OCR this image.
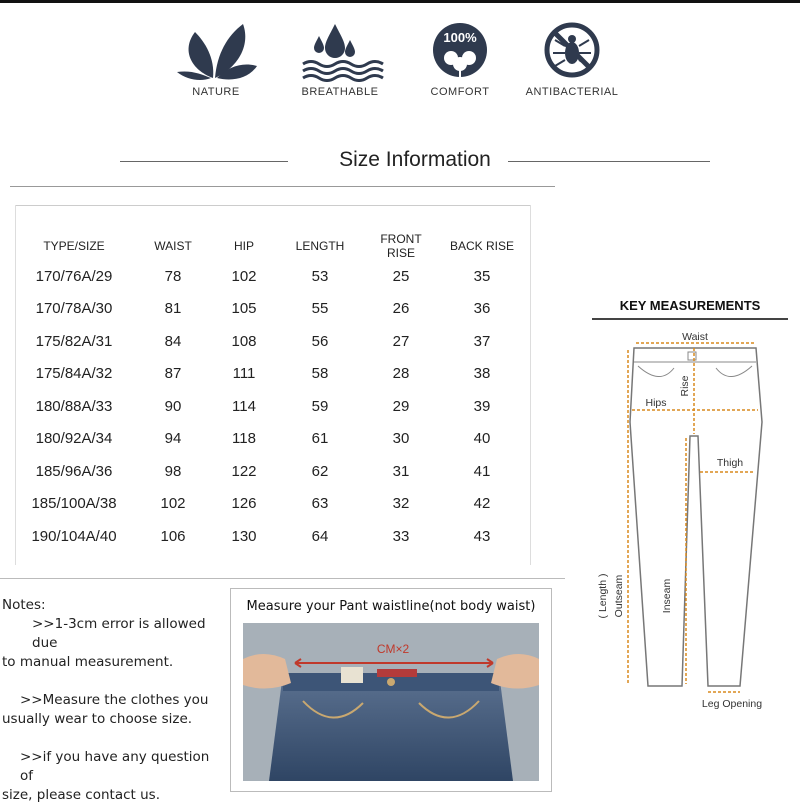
NATURE	BREATHABLE
100%
COMFORT	ANTIBACTERIAL
Size Information
TYPE/SIZE	WAIST	HIP	LENGTH	FRONT RISE	BACK RISE
170/76A/29	78	102	53	25	35
170/78A/30	81	105	55	26	36
175/82A/31	84	108	56	27	37
175/84A/32	87	111	58	28	38
180/88A/33	90	114	59	29	39
180/92A/34	94	118	61	30	40
185/96A/36	98	122	62	31	41
185/100A/38	102	126	63	32	42
190/104A/40	106	130	64	33	43

Notes:

>>1-3cm error is allowed due

to manual measurement.

>>Measure the clothes you

usually wear to choose size.

>>if you have any question of

size, please contact us.

Measure your Pant waistline(not body waist)
CM×2
KEY MEASUREMENTS
Waist
Rise
Hips
Thigh
Outseam
( Length )	Inseam
Leg Opening
